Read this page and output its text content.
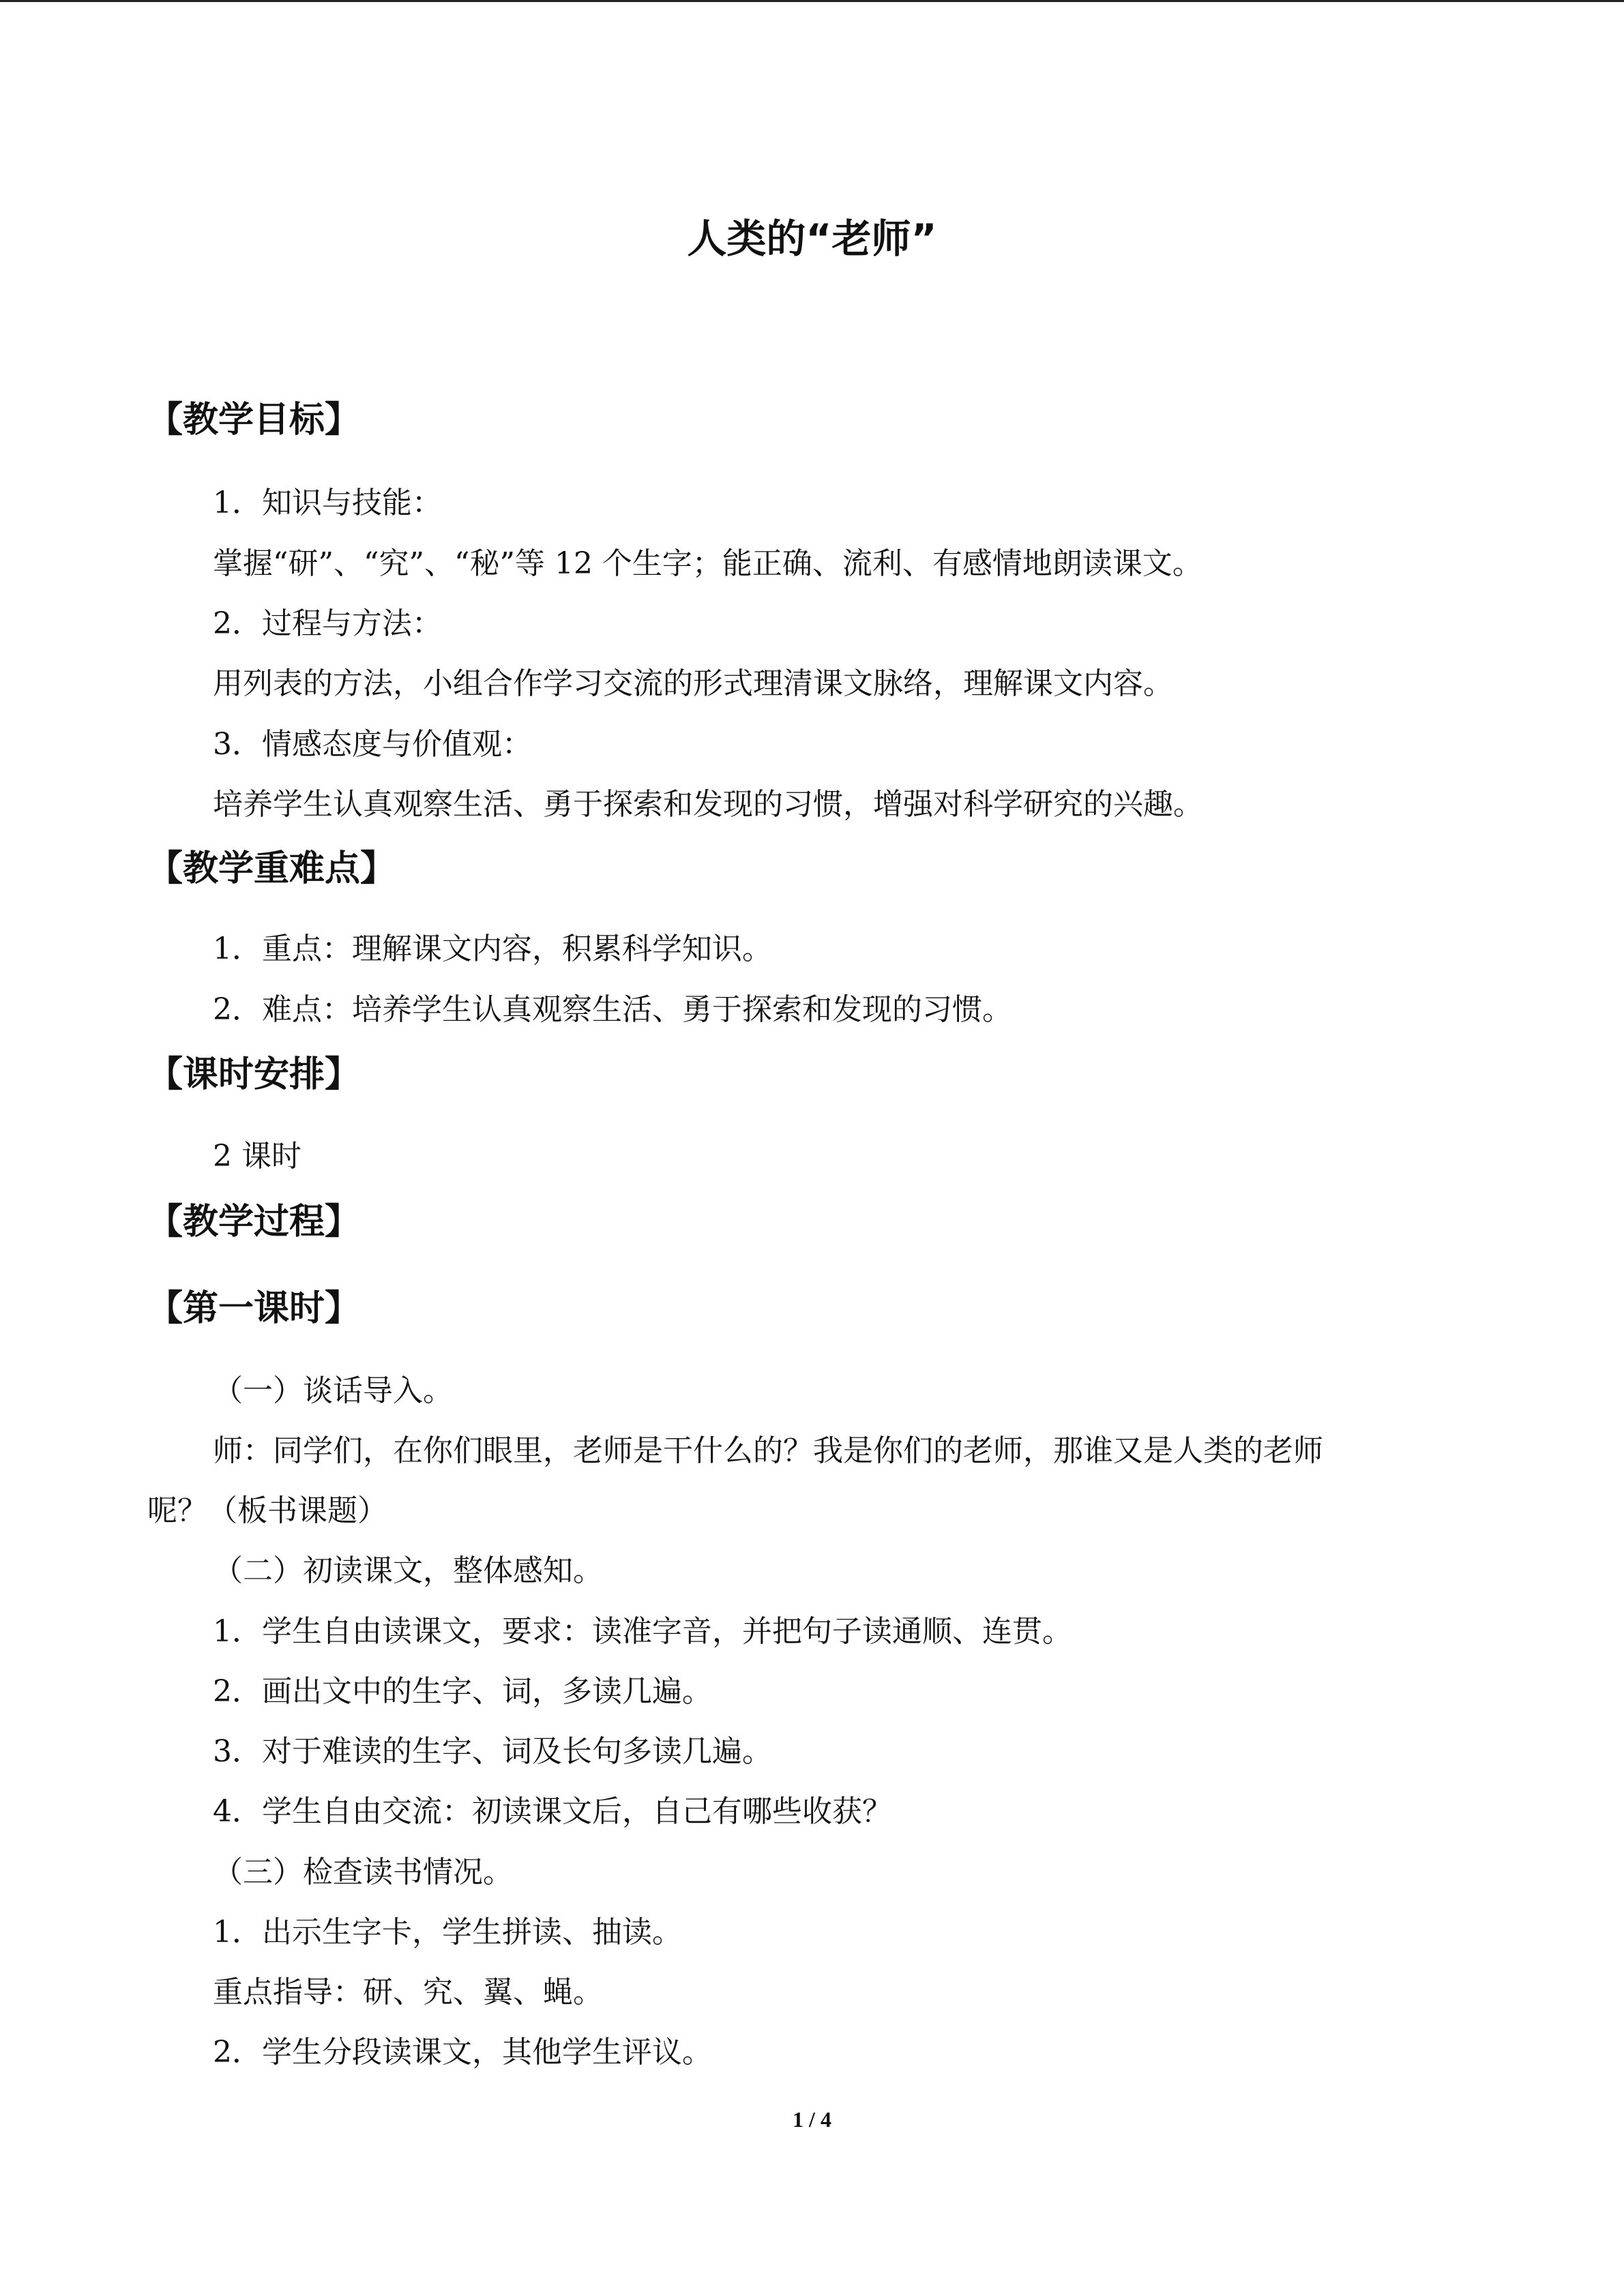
人类的“老师”
【教学目标】
1．知识与技能：
掌握“研”、“究”、“秘”等 12 个生字；能正确、流利、有感情地朗读课文。
2．过程与方法：
用列表的方法，小组合作学习交流的形式理清课文脉络，理解课文内容。
3．情感态度与价值观：
培养学生认真观察生活、勇于探索和发现的习惯，增强对科学研究的兴趣。
【教学重难点】
1．重点：理解课文内容，积累科学知识。
2．难点：培养学生认真观察生活、勇于探索和发现的习惯。
【课时安排】
2 课时
【教学过程】
【第一课时】
（一）谈话导入。
师：同学们，在你们眼里，老师是干什么的？我是你们的老师，那谁又是人类的老师
呢？（板书课题）
（二）初读课文，整体感知。
1．学生自由读课文，要求：读准字音，并把句子读通顺、连贯。
2．画出文中的生字、词，多读几遍。
3．对于难读的生字、词及长句多读几遍。
4．学生自由交流：初读课文后，自己有哪些收获？
（三）检查读书情况。
1．出示生字卡，学生拼读、抽读。
重点指导：研、究、翼、蝇。
2．学生分段读课文，其他学生评议。
1 / 4
